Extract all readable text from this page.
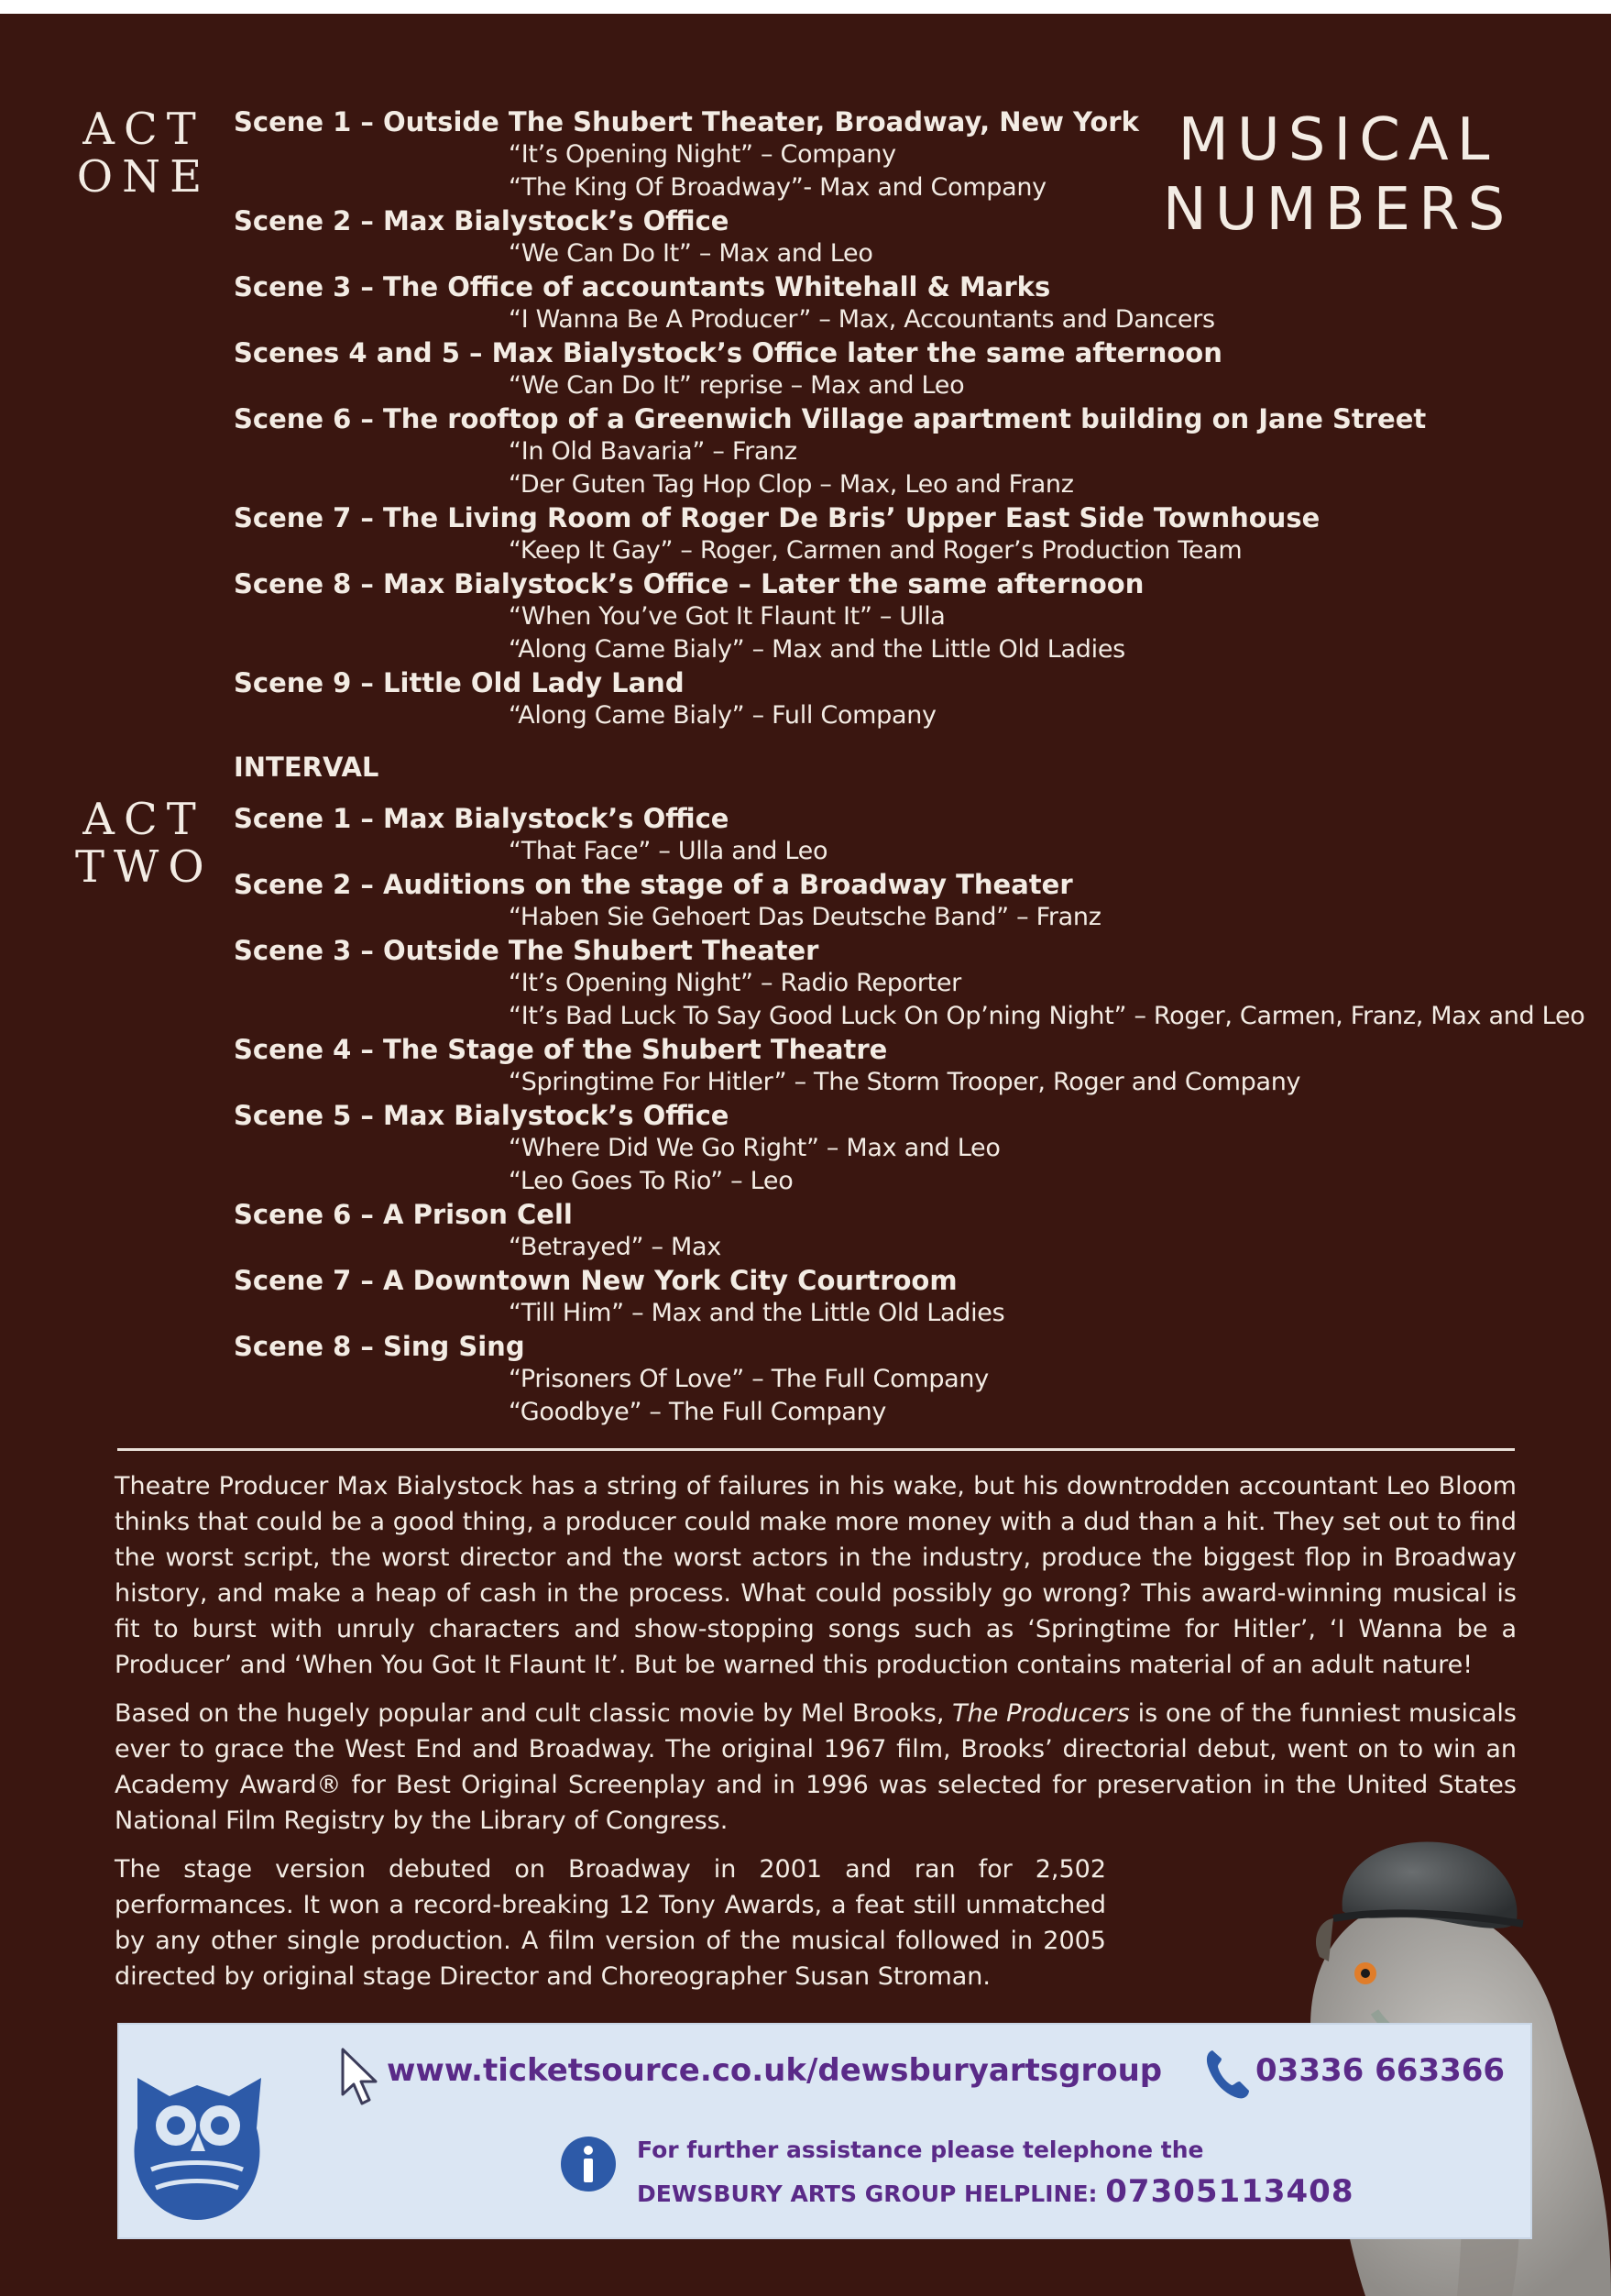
ACT
ONE
ACT
TWO
MUSICAL
NUMBERS
Scene 1 – Outside The Shubert Theater, Broadway, New York
“It’s Opening Night” – Company
“The King Of Broadway”- Max and Company
Scene 2 – Max Bialystock’s Office
“We Can Do It” – Max and Leo
Scene 3 – The Office of accountants Whitehall & Marks
“I Wanna Be A Producer” – Max, Accountants and Dancers
Scenes 4 and 5 – Max Bialystock’s Office later the same afternoon
“We Can Do It” reprise – Max and Leo
Scene 6 – The rooftop of a Greenwich Village apartment building on Jane Street
“In Old Bavaria” – Franz
“Der Guten Tag Hop Clop – Max, Leo and Franz
Scene 7 – The Living Room of Roger De Bris’ Upper East Side Townhouse
“Keep It Gay” – Roger, Carmen and Roger’s Production Team
Scene 8 – Max Bialystock’s Office – Later the same afternoon
“When You’ve Got It Flaunt It” – Ulla
“Along Came Bialy” – Max and the Little Old Ladies
Scene 9 – Little Old Lady Land
“Along Came Bialy” – Full Company
INTERVAL
Scene 1 – Max Bialystock’s Office
“That Face” – Ulla and Leo
Scene 2 – Auditions on the stage of a Broadway Theater
“Haben Sie Gehoert Das Deutsche Band” – Franz
Scene 3 – Outside The Shubert Theater
“It’s Opening Night” – Radio Reporter
“It’s Bad Luck To Say Good Luck On Op’ning Night” – Roger, Carmen, Franz, Max and Leo
Scene 4 – The Stage of the Shubert Theatre
“Springtime For Hitler” – The Storm Trooper, Roger and Company
Scene 5 – Max Bialystock’s Office
“Where Did We Go Right” – Max and Leo
“Leo Goes To Rio” – Leo
Scene 6 – A Prison Cell
“Betrayed” – Max
Scene 7 – A Downtown New York City Courtroom
“Till Him” – Max and the Little Old Ladies
Scene 8 – Sing Sing
“Prisoners Of Love” – The Full Company
“Goodbye” – The Full Company

Theatre Producer Max Bialystock has a string of failures in his wake, but his downtrodden accountant Leo Bloom thinks that could be a good thing, a producer could make more money with a dud than a hit. They set out to find the worst script, the worst director and the worst actors in the industry, produce the biggest flop in Broadway history, and make a heap of cash in the process. What could possibly go wrong? This award-winning musical is fit to burst with unruly characters and show-stopping songs such as ‘Springtime for Hitler’, ‘I Wanna be a Producer’ and ‘When You Got It Flaunt It’. But be warned this production contains material of an adult nature!

Based on the hugely popular and cult classic movie by Mel Brooks, The Producers is one of the funniest musicals ever to grace the West End and Broadway. The original 1967 film, Brooks’ directorial debut, went on to win an Academy Award® for Best Original Screenplay and in 1996 was selected for preservation in the United States National Film Registry by the Library of Congress.

The stage version debuted on Broadway in 2001 and ran for 2,502 performances. It won a record-breaking 12 Tony Awards, a feat still unmatched by any other single production. A film version of the musical followed in 2005 directed by original stage Director and Choreographer Susan Stroman.

www.ticketsource.co.uk/dewsburyartsgroup	03336 663366
For further assistance please telephone the
DEWSBURY ARTS GROUP HELPLINE: 07305113408
